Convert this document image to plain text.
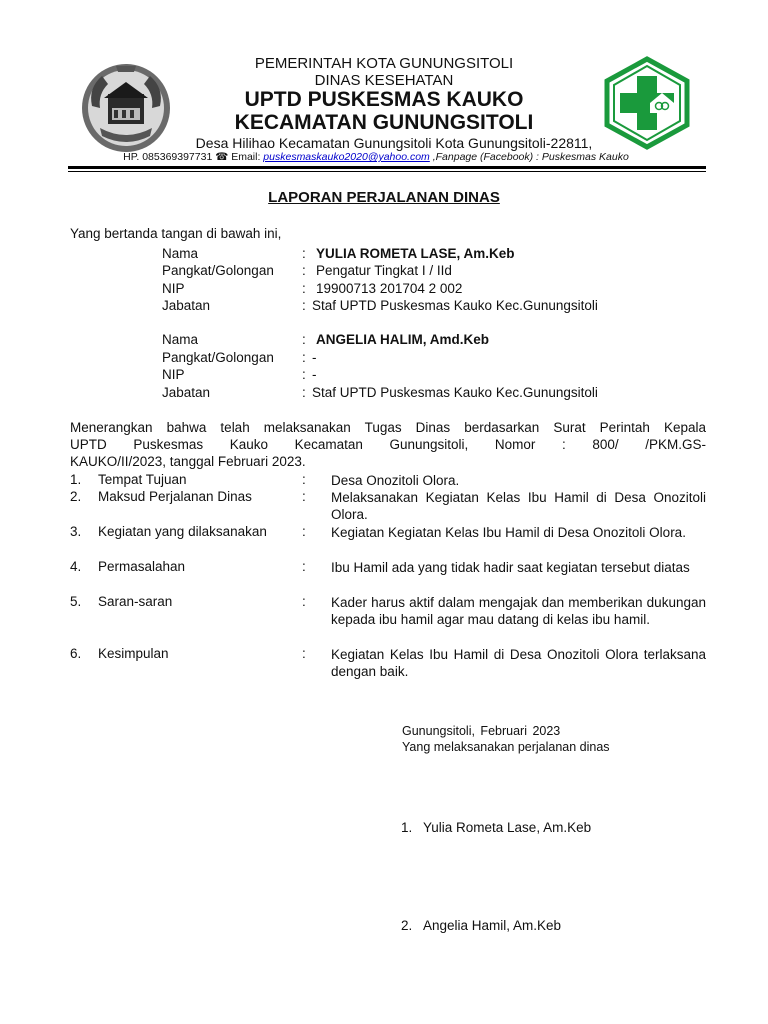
PEMERINTAH KOTA GUNUNGSITOLI
DINAS KESEHATAN
UPTD PUSKESMAS KAUKO
KECAMATAN GUNUNGSITOLI
Desa Hilihao Kecamatan Gunungsitoli Kota Gunungsitoli-22811,
HP. 085369397731 ☎ Email: puskesmaskauko2020@yahoo.com ,Fanpage (Facebook) : Puskesmas Kauko
LAPORAN PERJALANAN DINAS
Yang bertanda tangan di bawah ini,
Nama	: YULIA ROMETA LASE, Am.Keb
Pangkat/Golongan : Pengatur Tingkat I / IId
NIP	: 19900713 201704 2 002
Jabatan	: Staf UPTD Puskesmas Kauko Kec.Gunungsitoli
Nama	: ANGELIA HALIM, Amd.Keb
Pangkat/Golongan : -
NIP	: -
Jabatan	: Staf UPTD Puskesmas Kauko Kec.Gunungsitoli
Menerangkan bahwa telah melaksanakan Tugas Dinas berdasarkan Surat Perintah Kepala
UPTD Puskesmas Kauko Kecamatan Gunungsitoli, Nomor : 800/ /PKM.GS-
KAUKO/II/2023, tanggal Februari 2023.
1. Tempat Tujuan	: Desa Onozitoli Olora.
2. Maksud Perjalanan Dinas	: Melaksanakan Kegiatan Kelas Ibu Hamil di Desa Onozitoli Olora.
3. Kegiatan yang dilaksanakan	: Kegiatan Kegiatan Kelas Ibu Hamil di Desa Onozitoli Olora.
4. Permasalahan	: Ibu Hamil ada yang tidak hadir saat kegiatan tersebut diatas
5. Saran-saran	: Kader harus aktif dalam mengajak dan memberikan dukungan kepada ibu hamil agar mau datang di kelas ibu hamil.
6. Kesimpulan	: Kegiatan Kelas Ibu Hamil di Desa Onozitoli Olora terlaksana dengan baik.
Gunungsitoli, Februari 2023
Yang melaksanakan perjalanan dinas
1. Yulia Rometa Lase, Am.Keb
2. Angelia Hamil, Am.Keb
